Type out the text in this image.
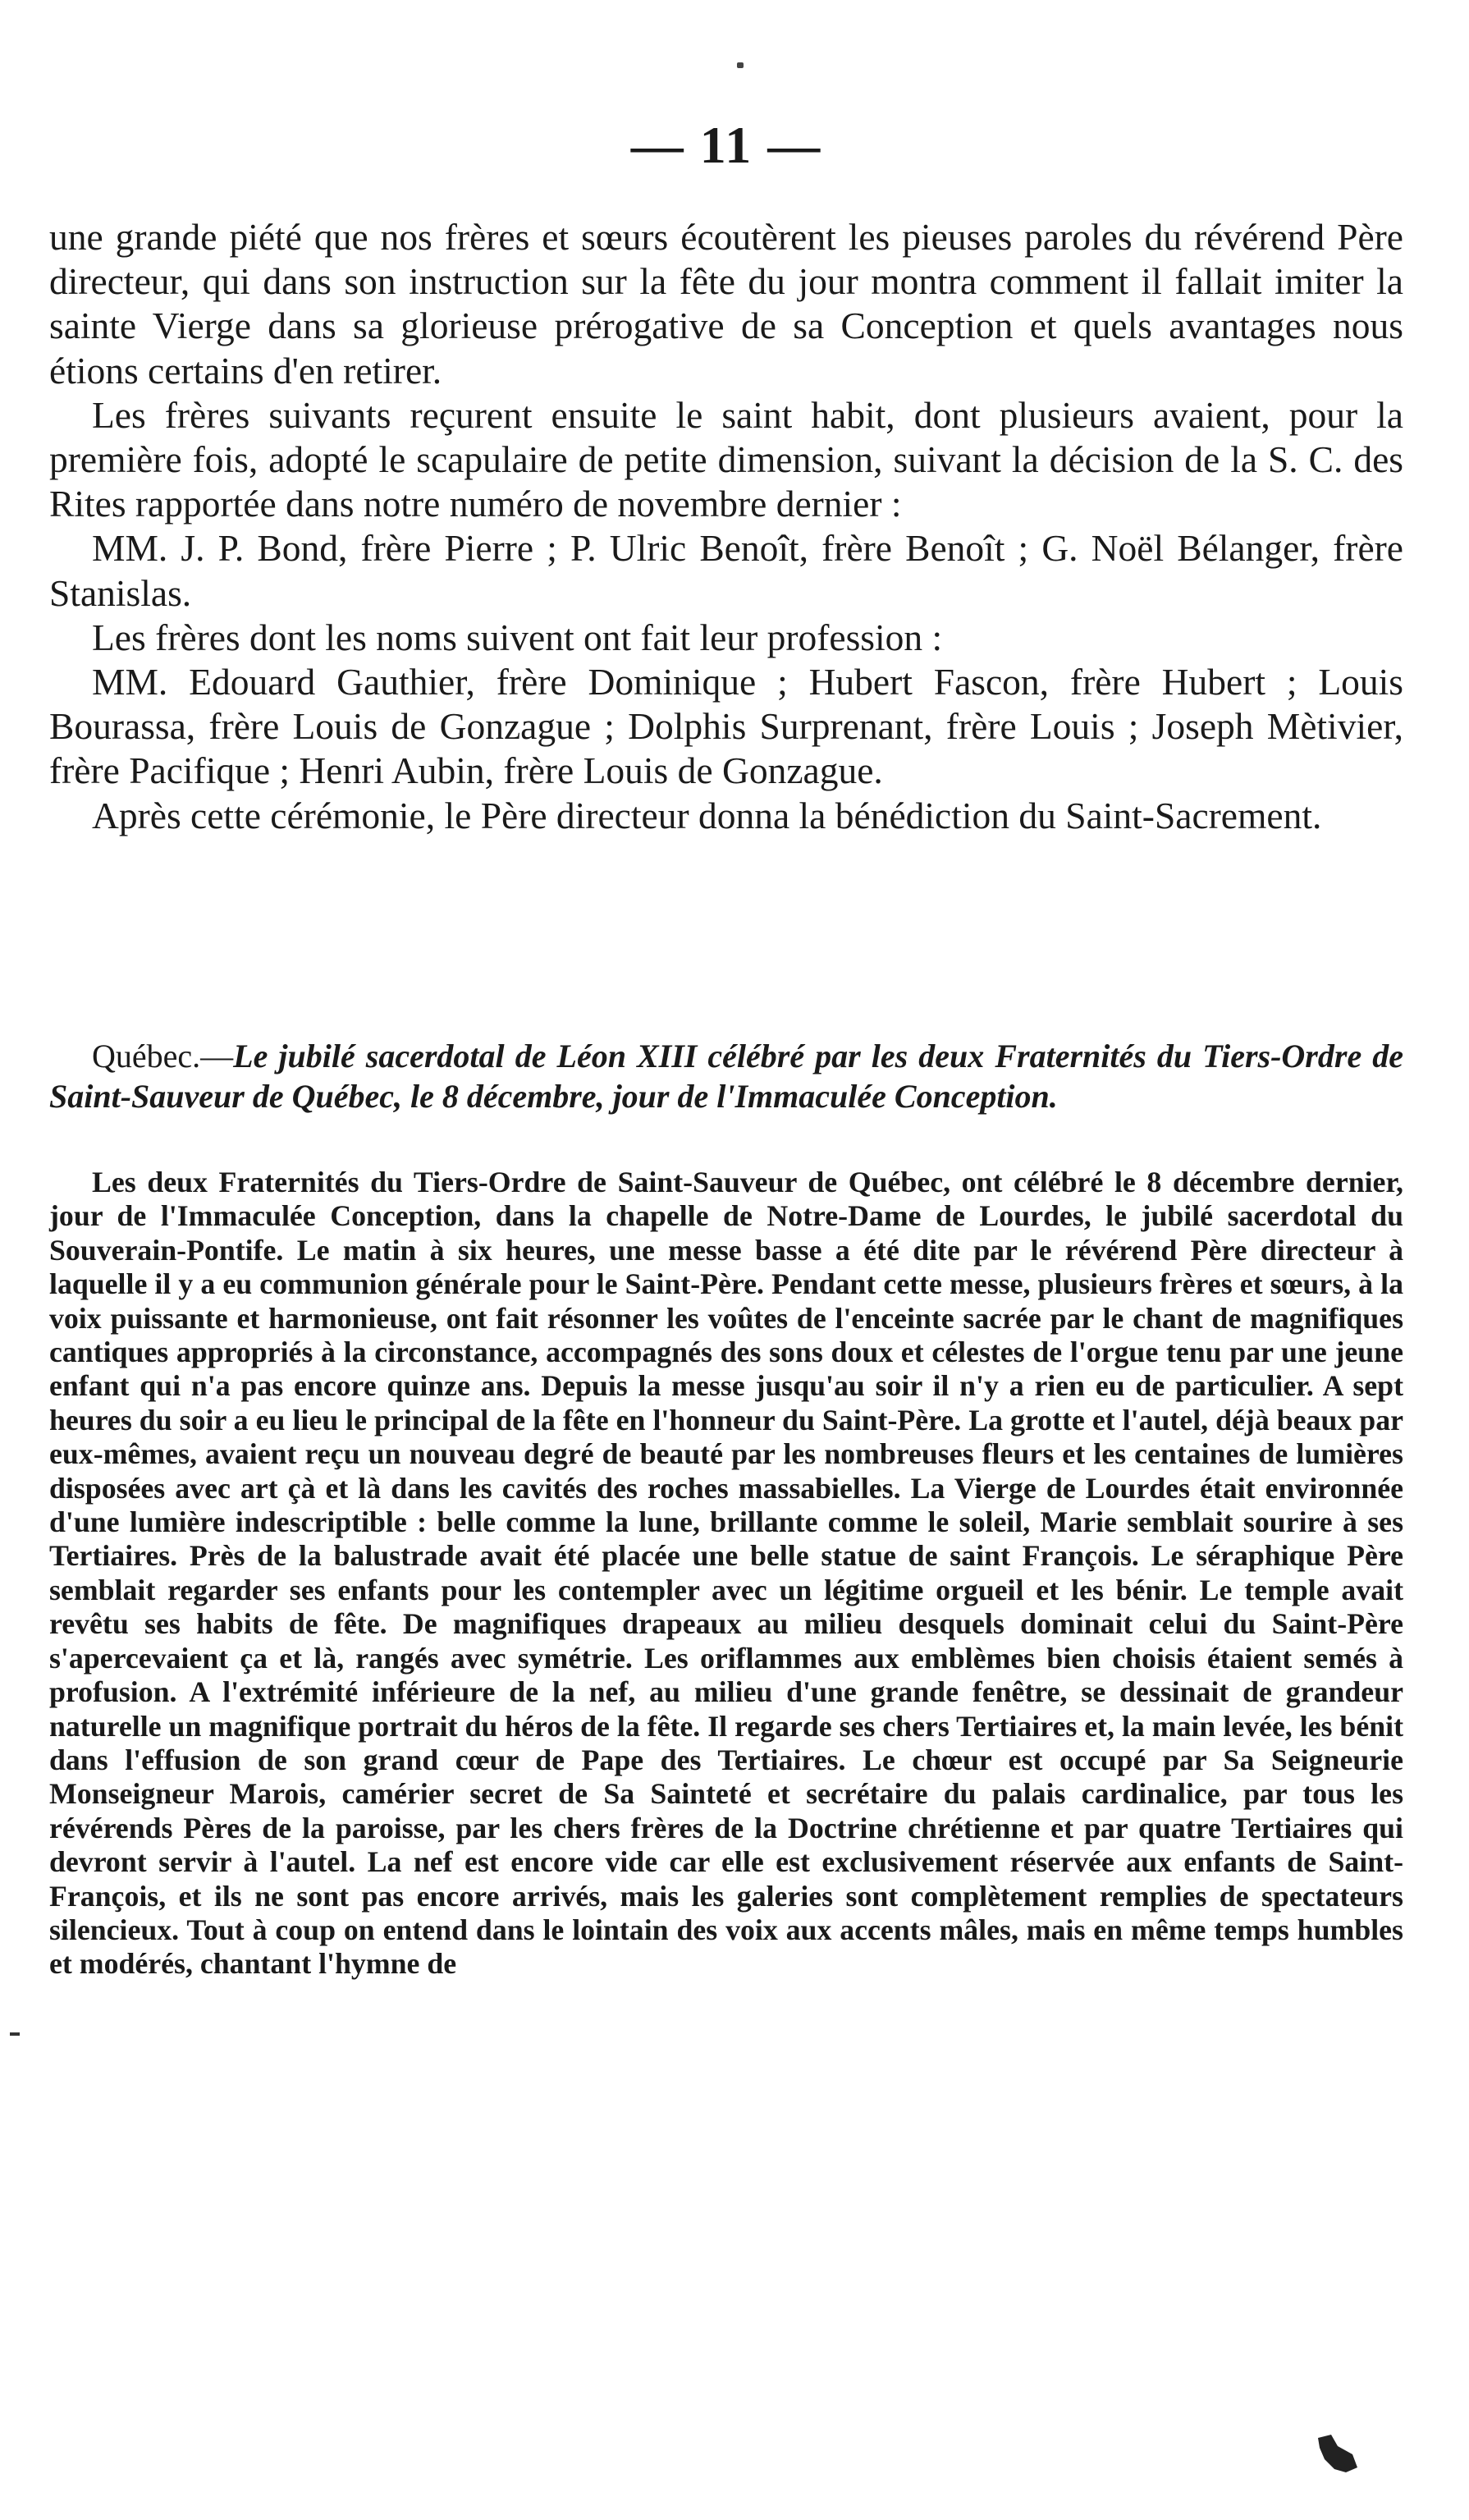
— 11 —

une grande piété que nos frères et sœurs écoutèrent les pieuses paroles du révérend Père directeur, qui dans son instruction sur la fête du jour montra comment il fallait imiter la sainte Vierge dans sa glorieuse prérogative de sa Conception et quels avantages nous étions certains d'en retirer.

Les frères suivants reçurent ensuite le saint habit, dont plusieurs avaient, pour la première fois, adopté le scapulaire de petite dimension, suivant la décision de la S. C. des Rites rapportée dans notre numéro de novembre dernier :

MM. J. P. Bond, frère Pierre ; P. Ulric Benoît, frère Benoît ; G. Noël Bélanger, frère Stanislas.

Les frères dont les noms suivent ont fait leur profession :

MM. Edouard Gauthier, frère Dominique ; Hubert Fascon, frère Hubert ; Louis Bourassa, frère Louis de Gonzague ; Dolphis Surprenant, frère Louis ; Joseph Mètivier, frère Pacifique ; Henri Aubin, frère Louis de Gonzague.

Après cette cérémonie, le Père directeur donna la bénédiction du Saint-Sacrement.

Québec.—Le jubilé sacerdotal de Léon XIII célébré par les deux Fraternités du Tiers-Ordre de Saint-Sauveur de Québec, le 8 décembre, jour de l'Immaculée Conception.
Les deux Fraternités du Tiers-Ordre de Saint-Sauveur de Québec, ont célébré le 8 décembre dernier, jour de l'Immaculée Conception, dans la chapelle de Notre-Dame de Lourdes, le jubilé sacerdotal du Souverain-Pontife. Le matin à six heures, une messe basse a été dite par le révérend Père directeur à laquelle il y a eu communion générale pour le Saint-Père. Pendant cette messe, plusieurs frères et sœurs, à la voix puissante et harmonieuse, ont fait résonner les voûtes de l'enceinte sacrée par le chant de magnifiques cantiques appropriés à la circonstance, accompagnés des sons doux et célestes de l'orgue tenu par une jeune enfant qui n'a pas encore quinze ans. Depuis la messe jusqu'au soir il n'y a rien eu de particulier. A sept heures du soir a eu lieu le principal de la fête en l'honneur du Saint-Père. La grotte et l'autel, déjà beaux par eux-mêmes, avaient reçu un nouveau degré de beauté par les nombreuses fleurs et les centaines de lumières disposées avec art çà et là dans les cavités des roches massabielles. La Vierge de Lourdes était environnée d'une lumière indescriptible : belle comme la lune, brillante comme le soleil, Marie semblait sourire à ses Tertiaires. Près de la balustrade avait été placée une belle statue de saint François. Le séraphique Père semblait regarder ses enfants pour les contempler avec un légitime orgueil et les bénir. Le temple avait revêtu ses habits de fête. De magnifiques drapeaux au milieu desquels dominait celui du Saint-Père s'apercevaient ça et là, rangés avec symétrie. Les oriflammes aux emblèmes bien choisis étaient semés à profusion. A l'extrémité inférieure de la nef, au milieu d'une grande fenêtre, se dessinait de grandeur naturelle un magnifique portrait du héros de la fête. Il regarde ses chers Tertiaires et, la main levée, les bénit dans l'effusion de son grand cœur de Pape des Tertiaires. Le chœur est occupé par Sa Seigneurie Monseigneur Marois, camérier secret de Sa Sainteté et secrétaire du palais cardinalice, par tous les révérends Pères de la paroisse, par les chers frères de la Doctrine chrétienne et par quatre Tertiaires qui devront servir à l'autel. La nef est encore vide car elle est exclusivement réservée aux enfants de Saint-François, et ils ne sont pas encore arrivés, mais les galeries sont complètement remplies de spectateurs silencieux. Tout à coup on entend dans le lointain des voix aux accents mâles, mais en même temps humbles et modérés, chantant l'hymne de
